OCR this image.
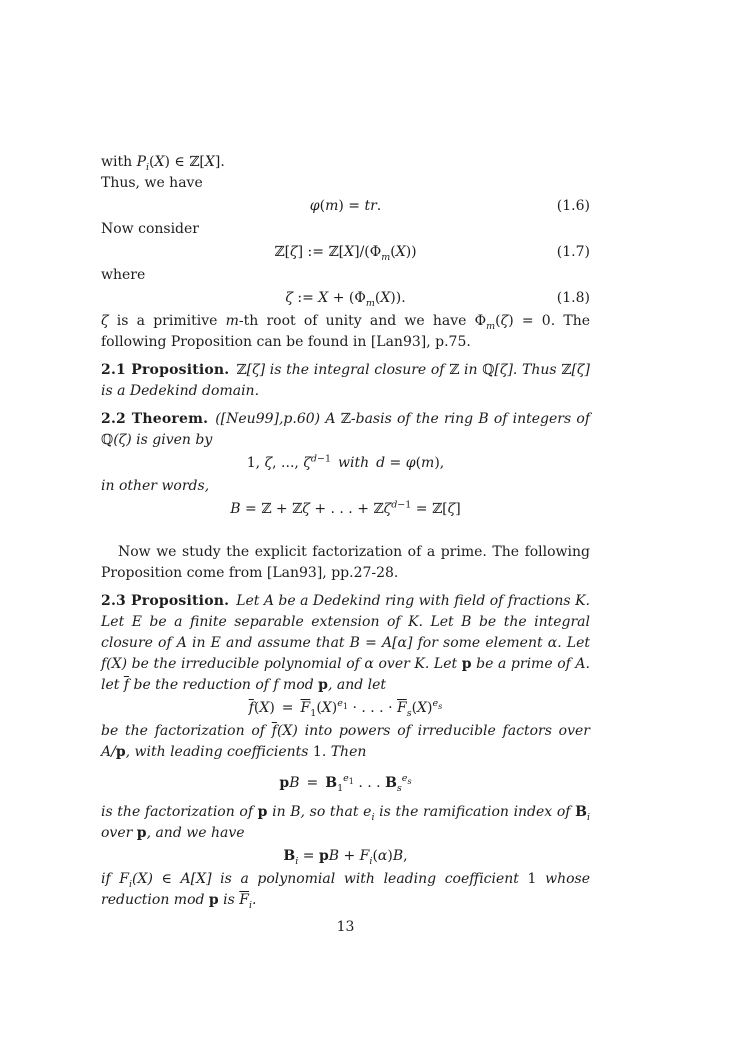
with $P_i(X)$ ∈ ℤ[X].

Thus, we have

φ(m) = tr.	(1.6)

Now consider

ℤ[ζ] := $ℤ[X]/(\Phi_m(X))$	(1.7)

where

ζ := $X + (\Phi_m(X))$.	(1.8)

ζ is a primitive m-th root of unity and we have $\Phi_m(\zeta) = 0$. The following Proposition can be found in [Lan93], p.75.

2.1 Proposition. ℤ[ζ] is the integral closure of ℤ in ℚ[ζ]. Thus ℤ[ζ] is a Dedekind domain.

2.2 Theorem. ([Neu99],p.60) A ℤ-basis of the ring B of integers of ℚ(ζ) is given by

1, ζ, ..., $\zeta^{d-1}$  with  d = φ(m),

in other words,

B = ℤ + ℤζ + . . . + ℤζ$^{d-1}$ = ℤ[ζ]

Now we study the explicit factorization of a prime. The following Proposition come from [Lan93], pp.27-28.

2.3 Proposition. Let A be a Dedekind ring with field of fractions K. Let E be a finite separable extension of K. Let B be the integral closure of A in E and assume that B = A[α] for some element α. Let f(X) be the irreducible polynomial of α over K. Let p be a prime of A. let $\overline{f}$ be the reduction of f mod p, and let

$\overline{f}(X)$ = $\overline{F}_1(X)^{e_1}$ · . . . · $\overline{F}_s(X)^{e_s}$

be the factorization of $\overline{f}(X)$ into powers of irreducible factors over A/p, with leading coefficients 1. Then

pB = $B_1^{e_1}$ . . . $B_s^{e_s}$

is the factorization of p in B, so that $e_i$ is the ramification index of $B_i$ over p, and we have

$B_i$ = pB + $F_i(\alpha)B$,

if $F_i(X)$ ∈ A[X] is a polynomial with leading coefficient 1 whose reduction mod p is $\overline{F}_i$.

13
